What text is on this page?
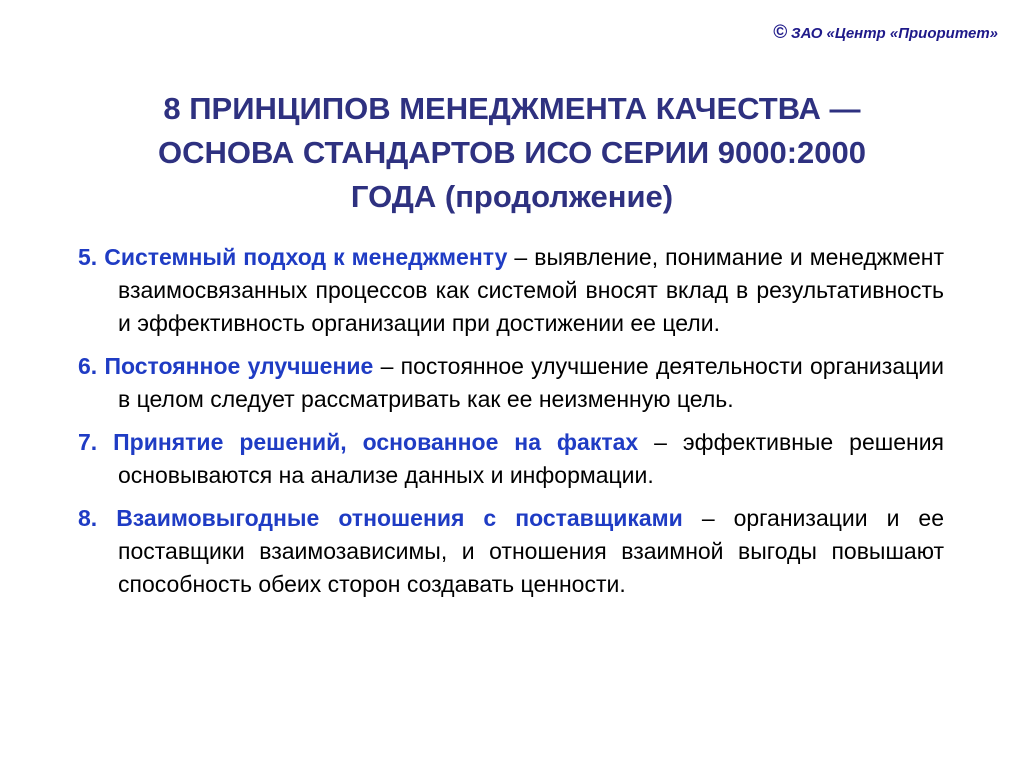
© ЗАО «Центр «Приоритет»
8 ПРИНЦИПОВ МЕНЕДЖМЕНТА КАЧЕСТВА —
ОСНОВА СТАНДАРТОВ ИСО СЕРИИ 9000:2000
ГОДА (продолжение)
5. Системный подход к менеджменту – выявление, понимание и менеджмент взаимосвязанных процессов как системой вносят вклад в результативность и эффективность организации при достижении ее цели.
6. Постоянное улучшение – постоянное улучшение деятельности организации в целом следует рассматривать как ее неизменную цель.
7. Принятие решений, основанное на фактах – эффективные решения основываются на анализе данных и информации.
8. Взаимовыгодные отношения с поставщиками – организации и ее поставщики взаимозависимы, и отношения взаимной выгоды повышают способность обеих сторон создавать ценности.
